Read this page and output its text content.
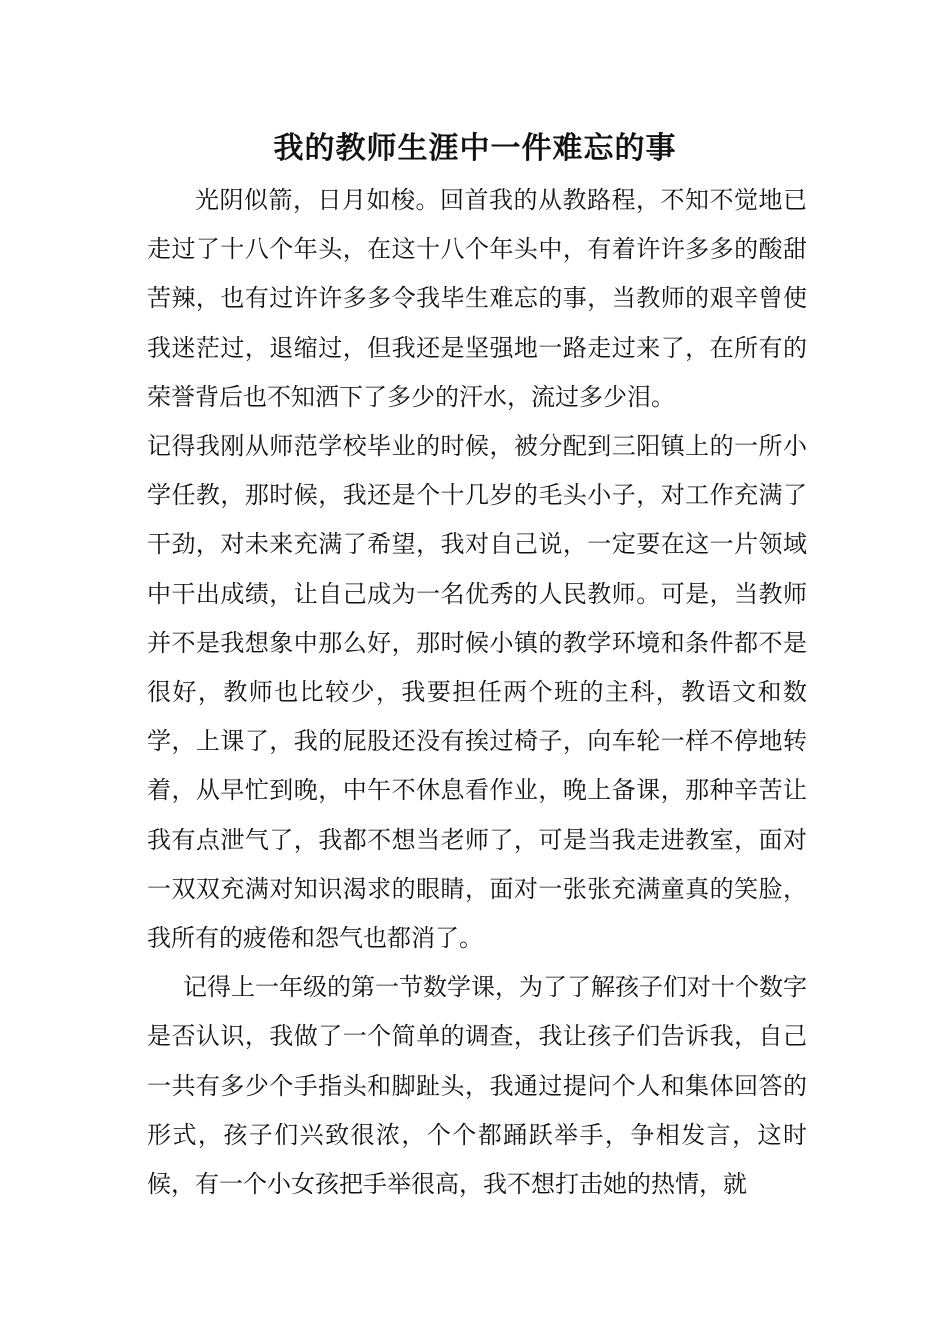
我的教师生涯中一件难忘的事

光阴似箭，日月如梭。回首我的从教路程，不知不觉地已走过了十八个年头，在这十八个年头中，有着许许多多的酸甜苦辣，也有过许许多多令我毕生难忘的事，当教师的艰辛曾使我迷茫过，退缩过，但我还是坚强地一路走过来了，在所有的荣誉背后也不知洒下了多少的汗水，流过多少泪。

记得我刚从师范学校毕业的时候，被分配到三阳镇上的一所小学任教，那时候，我还是个十几岁的毛头小子，对工作充满了干劲，对未来充满了希望，我对自己说，一定要在这一片领域中干出成绩，让自己成为一名优秀的人民教师。可是，当教师并不是我想象中那么好，那时候小镇的教学环境和条件都不是很好，教师也比较少，我要担任两个班的主科，教语文和数学，上课了，我的屁股还没有挨过椅子，向车轮一样不停地转着，从早忙到晚，中午不休息看作业，晚上备课，那种辛苦让我有点泄气了，我都不想当老师了，可是当我走进教室，面对一双双充满对知识渴求的眼睛，面对一张张充满童真的笑脸，我所有的疲倦和怨气也都消了。

记得上一年级的第一节数学课，为了了解孩子们对十个数字是否认识，我做了一个简单的调查，我让孩子们告诉我，自己一共有多少个手指头和脚趾头，我通过提问个人和集体回答的形式，孩子们兴致很浓，个个都踊跃举手，争相发言，这时候，有一个小女孩把手举很高，我不想打击她的热情，就
